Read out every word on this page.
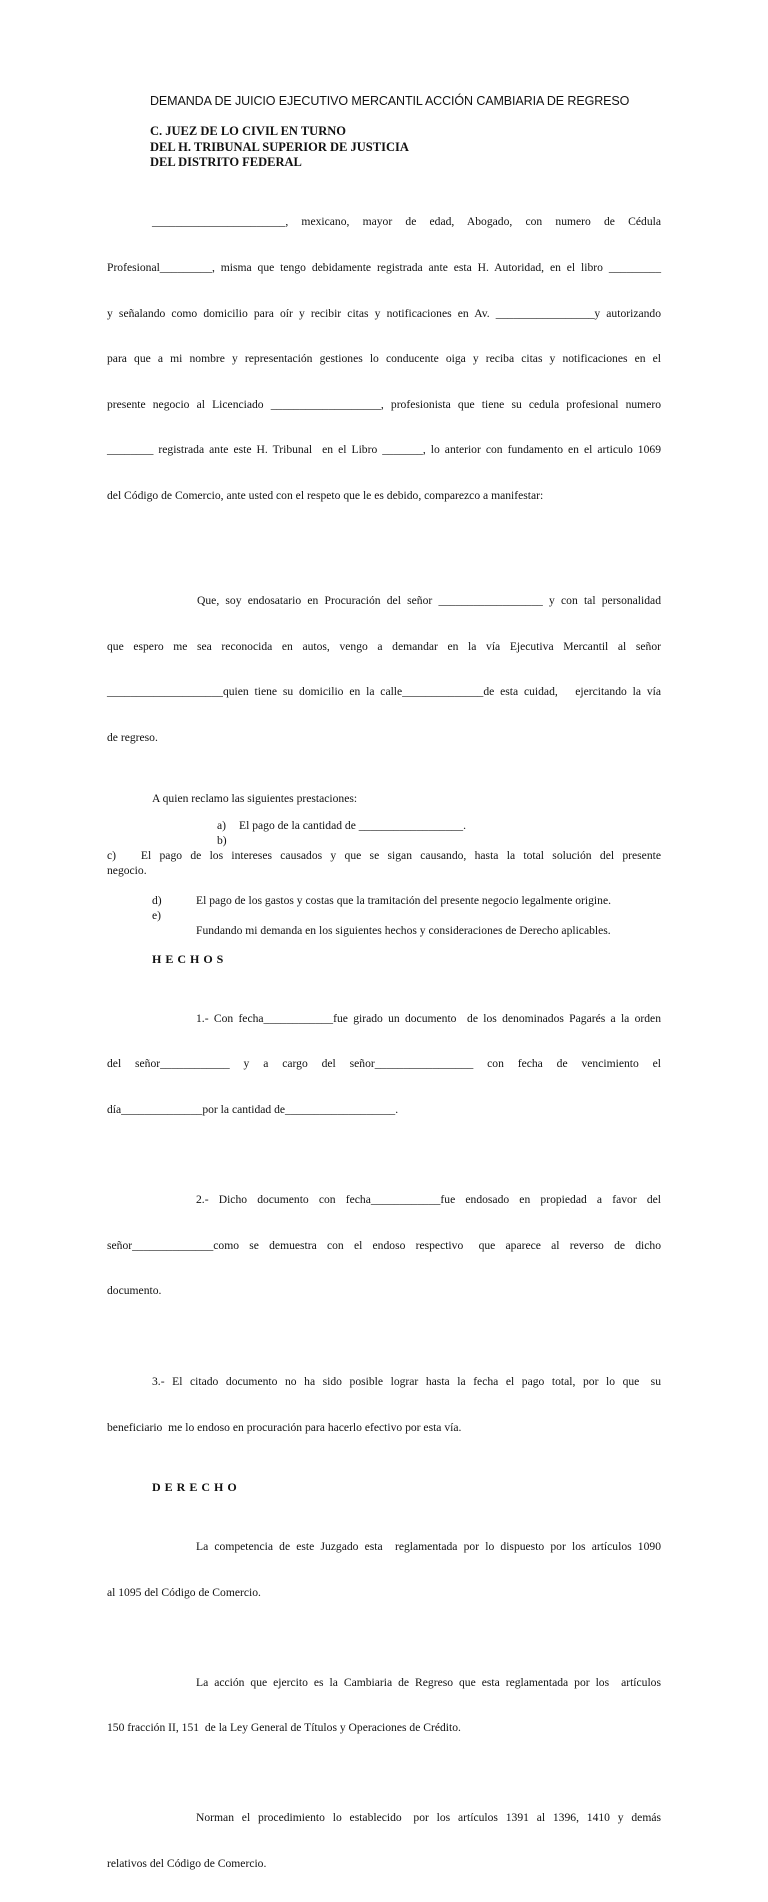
DEMANDA DE JUICIO EJECUTIVO MERCANTIL ACCIÓN CAMBIARIA DE REGRESO
C. JUEZ DE LO CIVIL EN TURNO
DEL H. TRIBUNAL SUPERIOR DE JUSTICIA
DEL DISTRITO FEDERAL

_______________________,  mexicano,  mayor  de  edad,  Abogado,  con  numero  de  Cédula

Profesional_________, misma que tengo debidamente registrada ante esta H. Autoridad, en el libro _________

y señalando como domicilio para oír y recibir citas y notificaciones en Av. _________________y autorizando

para que a mi nombre y representación gestiones lo conducente oiga y reciba citas y notificaciones en el

presente negocio al Licenciado ___________________, profesionista que tiene su cedula profesional numero

________ registrada ante este H. Tribunal  en el Libro _______, lo anterior con fundamento en el articulo 1069

del Código de Comercio, ante usted con el respeto que le es debido, comparezco a manifestar:

Que, soy endosatario en Procuración del señor __________________ y con tal personalidad

que  espero  me  sea  reconocida  en  autos,  vengo  a  demandar  en  la  vía  Ejecutiva  Mercantil  al  señor

____________________quien tiene su domicilio en la calle______________de esta cuidad,   ejercitando la vía

de regreso.

A quien reclamo las siguientes prestaciones:

a)	El pago de la cantidad de __________________.
b)

c)   El pago de los intereses causados y que se sigan causando, hasta la total solución del presente

negocio.

d)	El pago de los gastos y costas que la tramitación del presente negocio legalmente origine.
e)

Fundando mi demanda en los siguientes hechos y consideraciones de Derecho aplicables.

HECHOS

1.- Con fecha____________fue girado un documento  de los denominados Pagarés a la orden

del  señor____________  y  a  cargo  del  señor_________________  con  fecha  de  vencimiento  el

día______________por la cantidad de___________________.

2.-  Dicho  documento  con  fecha____________fue  endosado  en  propiedad  a  favor  del

señor______________como  se  demuestra  con  el  endoso  respectivo   que  aparece  al  reverso  de  dicho

documento.

3.-  El  citado  documento  no  ha  sido  posible  lograr  hasta  la  fecha  el  pago  total,  por  lo  que   su

beneficiario  me lo endoso en procuración para hacerlo efectivo por esta vía.

DERECHO

La competencia de este Juzgado esta  reglamentada por lo dispuesto por los artículos 1090

al 1095 del Código de Comercio.

La acción que ejercito es la Cambiaria de Regreso que esta reglamentada por los  artículos

150 fracción II, 151  de la Ley General de Títulos y Operaciones de Crédito.

Norman  el  procedimiento  lo  establecido   por  los  artículos  1391  al  1396,  1410  y  demás

relativos del Código de Comercio.
